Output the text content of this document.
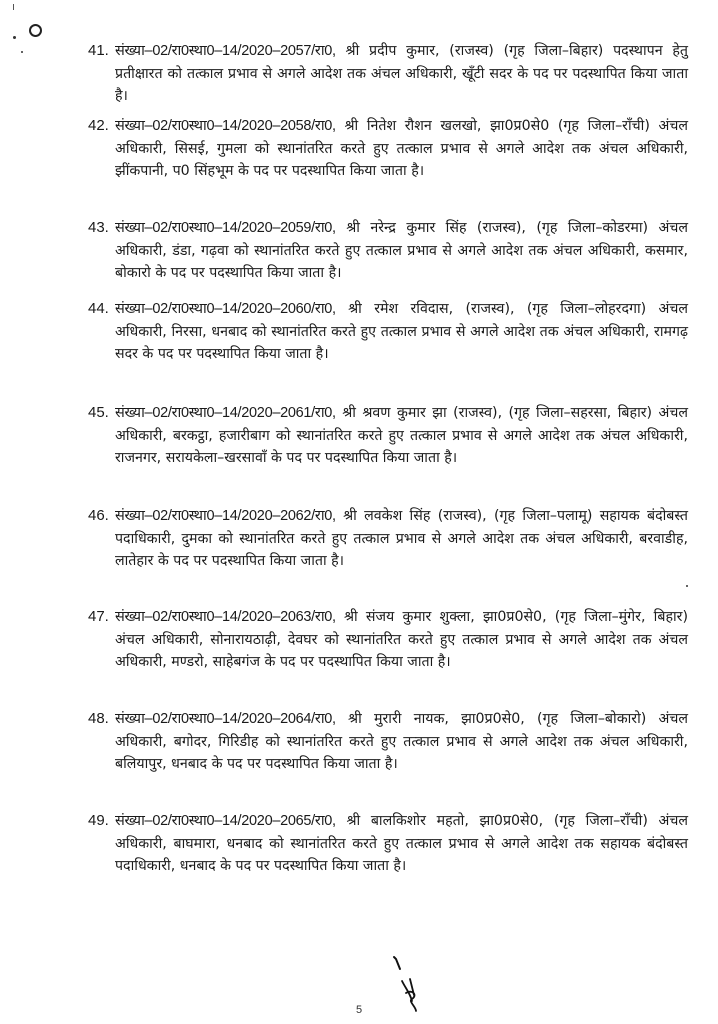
41. संख्या–02/रा0स्था0–14/2020–2057/रा0, श्री प्रदीप कुमार, (राजस्व) (गृह जिला–बिहार) पदस्थापन हेतु प्रतीक्षारत को तत्काल प्रभाव से अगले आदेश तक अंचल अधिकारी, खूँटी सदर के पद पर पदस्थापित किया जाता है।
42. संख्या–02/रा0स्था0–14/2020–2058/रा0, श्री नितेश रौशन खलखो, झा0प्र0से0 (गृह जिला–राँची) अंचल अधिकारी, सिसई, गुमला को स्थानांतरित करते हुए तत्काल प्रभाव से अगले आदेश तक अंचल अधिकारी, झींकपानी, प0 सिंहभूम के पद पर पदस्थापित किया जाता है।
43. संख्या–02/रा0स्था0–14/2020–2059/रा0, श्री नरेन्द्र कुमार सिंह (राजस्व), (गृह जिला–कोडरमा) अंचल अधिकारी, डंडा, गढ़वा को स्थानांतरित करते हुए तत्काल प्रभाव से अगले आदेश तक अंचल अधिकारी, कसमार, बोकारो के पद पर पदस्थापित किया जाता है।
44. संख्या–02/रा0स्था0–14/2020–2060/रा0, श्री रमेश रविदास, (राजस्व), (गृह जिला–लोहरदगा) अंचल अधिकारी, निरसा, धनबाद को स्थानांतरित करते हुए तत्काल प्रभाव से अगले आदेश तक अंचल अधिकारी, रामगढ़ सदर के पद पर पदस्थापित किया जाता है।
45. संख्या–02/रा0स्था0–14/2020–2061/रा0, श्री श्रवण कुमार झा (राजस्व), (गृह जिला–सहरसा, बिहार) अंचल अधिकारी, बरकट्ठा, हजारीबाग को स्थानांतरित करते हुए तत्काल प्रभाव से अगले आदेश तक अंचल अधिकारी, राजनगर, सरायकेला–खरसावाँ के पद पर पदस्थापित किया जाता है।
46. संख्या–02/रा0स्था0–14/2020–2062/रा0, श्री लवकेश सिंह (राजस्व), (गृह जिला–पलामू) सहायक बंदोबस्त पदाधिकारी, दुमका को स्थानांतरित करते हुए तत्काल प्रभाव से अगले आदेश तक अंचल अधिकारी, बरवाडीह, लातेहार के पद पर पदस्थापित किया जाता है।
47. संख्या–02/रा0स्था0–14/2020–2063/रा0, श्री संजय कुमार शुक्ला, झा0प्र0से0, (गृह जिला–मुंगेर, बिहार) अंचल अधिकारी, सोनारायठाढ़ी, देवघर को स्थानांतरित करते हुए तत्काल प्रभाव से अगले आदेश तक अंचल अधिकारी, मण्डरो, साहेबगंज के पद पर पदस्थापित किया जाता है।
48. संख्या–02/रा0स्था0–14/2020–2064/रा0, श्री मुरारी नायक, झा0प्र0से0, (गृह जिला–बोकारो) अंचल अधिकारी, बगोदर, गिरिडीह को स्थानांतरित करते हुए तत्काल प्रभाव से अगले आदेश तक अंचल अधिकारी, बलियापुर, धनबाद के पद पर पदस्थापित किया जाता है।
49. संख्या–02/रा0स्था0–14/2020–2065/रा0, श्री बालकिशोर महतो, झा0प्र0से0, (गृह जिला–राँची) अंचल अधिकारी, बाघमारा, धनबाद को स्थानांतरित करते हुए तत्काल प्रभाव से अगले आदेश तक सहायक बंदोबस्त पदाधिकारी, धनबाद के पद पर पदस्थापित किया जाता है।
5
